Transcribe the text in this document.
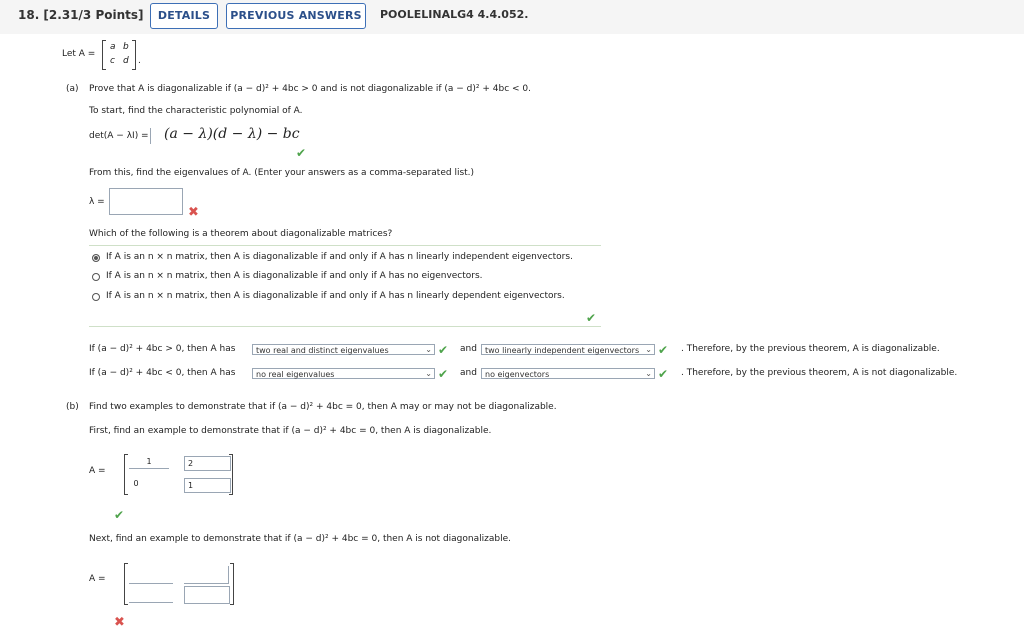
18. [2.31/3 Points]	DETAILS	PREVIOUS ANSWERS	POOLELINALG4 4.4.052.
Let A =
a b
c d .
(a) Prove that A is diagonalizable if (a − d)² + 4bc > 0 and is not diagonalizable if (a − d)² + 4bc < 0.
To start, find the characteristic polynomial of A.
det(A − λI) = (a − λ)(d − λ) − bc
✔
From this, find the eigenvalues of A. (Enter your answers as a comma-separated list.)
λ =
✖
Which of the following is a theorem about diagonalizable matrices?
If A is an n × n matrix, then A is diagonalizable if and only if A has n linearly independent eigenvectors.
If A is an n × n matrix, then A is diagonalizable if and only if A has no eigenvectors.
If A is an n × n matrix, then A is diagonalizable if and only if A has n linearly dependent eigenvectors.
✔
If (a − d)² + 4bc > 0, then A has	two real and distinct eigenvalues	⌄ ✔ and	two linearly independent eigenvectors ⌄ ✔ . Therefore, by the previous theorem, A is diagonalizable.
If (a − d)² + 4bc < 0, then A has	no real eigenvalues	⌄ ✔ and	no eigenvectors	⌄ ✔ . Therefore, by the previous theorem, A is not diagonalizable.
(b) Find two examples to demonstrate that if (a − d)² + 4bc = 0, then A may or may not be diagonalizable.
First, find an example to demonstrate that if (a − d)² + 4bc = 0, then A is diagonalizable.
A =
1	2
0	1
✔
Next, find an example to demonstrate that if (a − d)² + 4bc = 0, then A is not diagonalizable.
A =
✖
